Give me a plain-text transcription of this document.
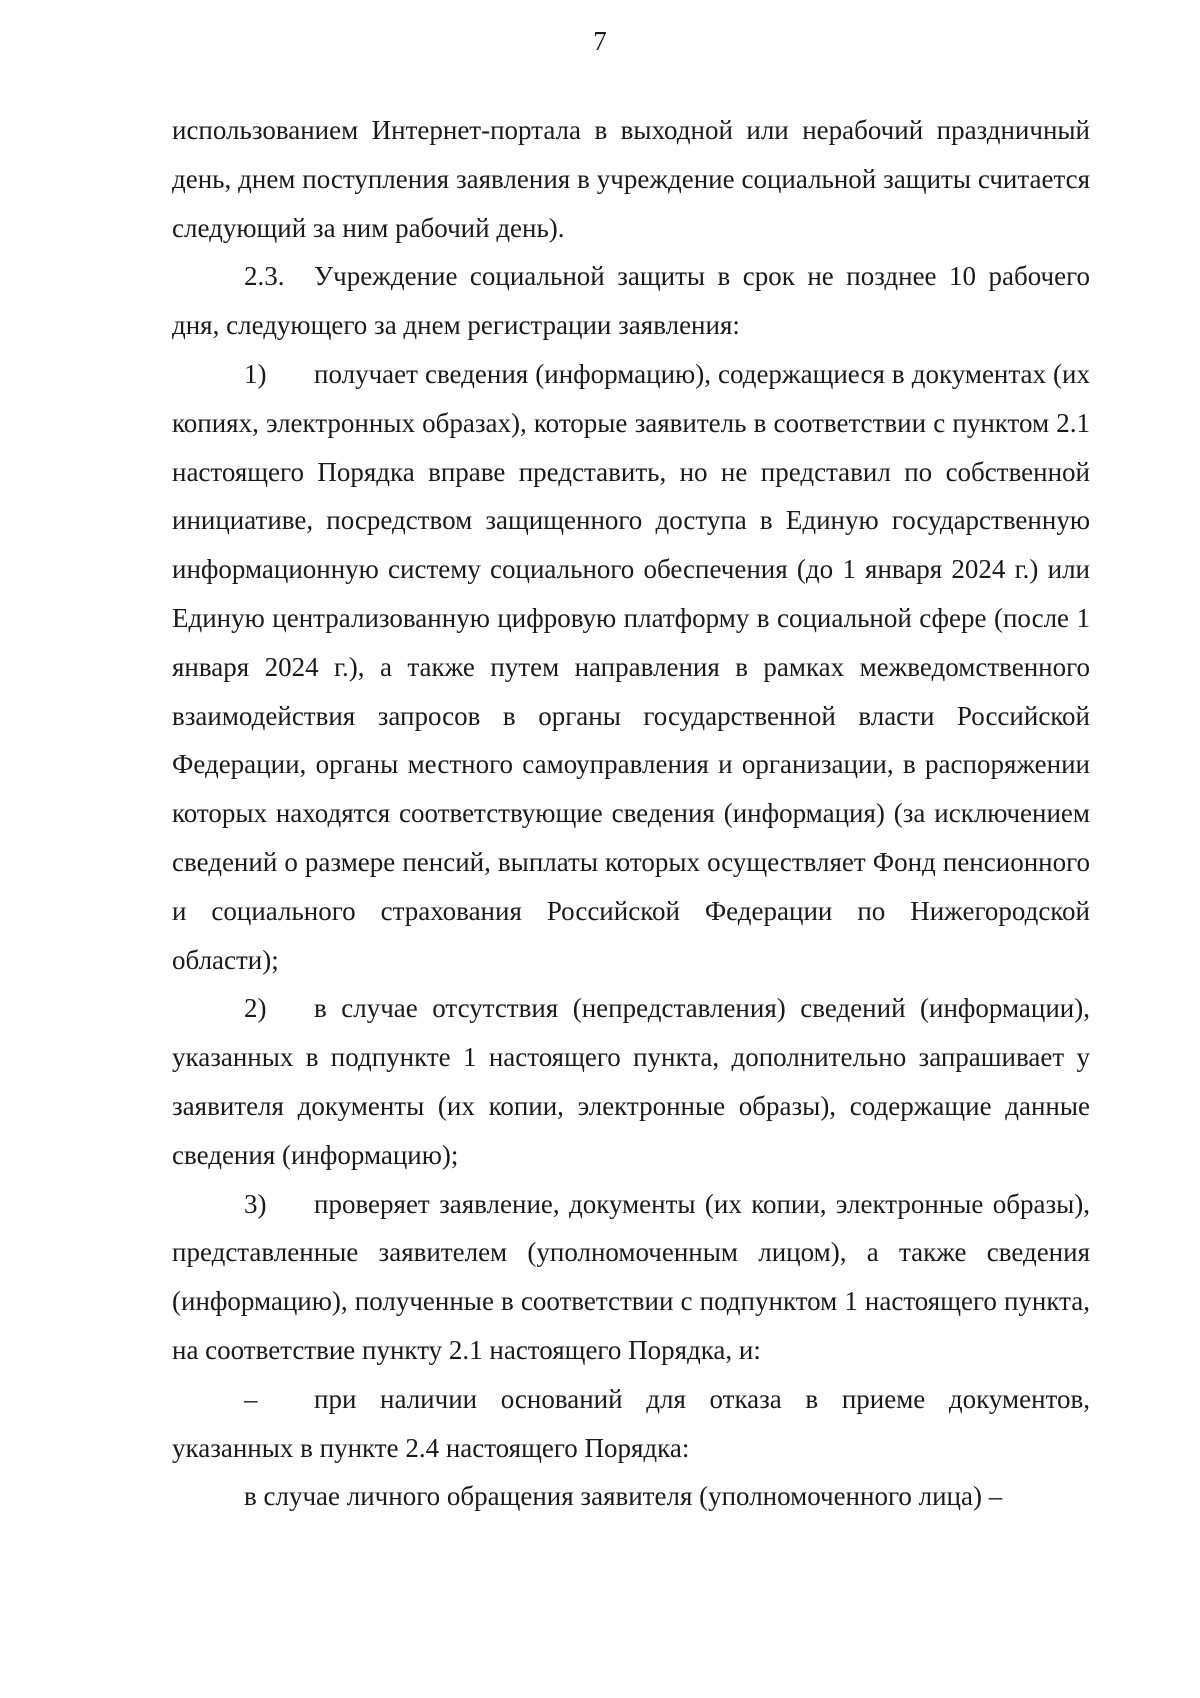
7

использованием Интернет-портала в выходной или нерабочий праздничный день, днем поступления заявления в учреждение социальной защиты считается следующий за ним рабочий день).

2.3. Учреждение социальной защиты в срок не позднее 10 рабочего дня, следующего за днем регистрации заявления:

1) получает сведения (информацию), содержащиеся в документах (их копиях, электронных образах), которые заявитель в соответствии с пунктом 2.1 настоящего Порядка вправе представить, но не представил по собственной инициативе, посредством защищенного доступа в Единую государственную информационную систему социального обеспечения (до 1 января 2024 г.) или Единую централизованную цифровую платформу в социальной сфере (после 1 января 2024 г.), а также путем направления в рамках межведомственного взаимодействия запросов в органы государственной власти Российской Федерации, органы местного самоуправления и организации, в распоряжении которых находятся соответствующие сведения (информация) (за исключением сведений о размере пенсий, выплаты которых осуществляет Фонд пенсионного и социального страхования Российской Федерации по Нижегородской области);

2) в случае отсутствия (непредставления) сведений (информации), указанных в подпункте 1 настоящего пункта, дополнительно запрашивает у заявителя документы (их копии, электронные образы), содержащие данные сведения (информацию);

3) проверяет заявление, документы (их копии, электронные образы), представленные заявителем (уполномоченным лицом), а также сведения (информацию), полученные в соответствии с подпунктом 1 настоящего пункта, на соответствие пункту 2.1 настоящего Порядка, и:

– при наличии оснований для отказа в приеме документов, указанных в пункте 2.4 настоящего Порядка:

в случае личного обращения заявителя (уполномоченного лица) –
